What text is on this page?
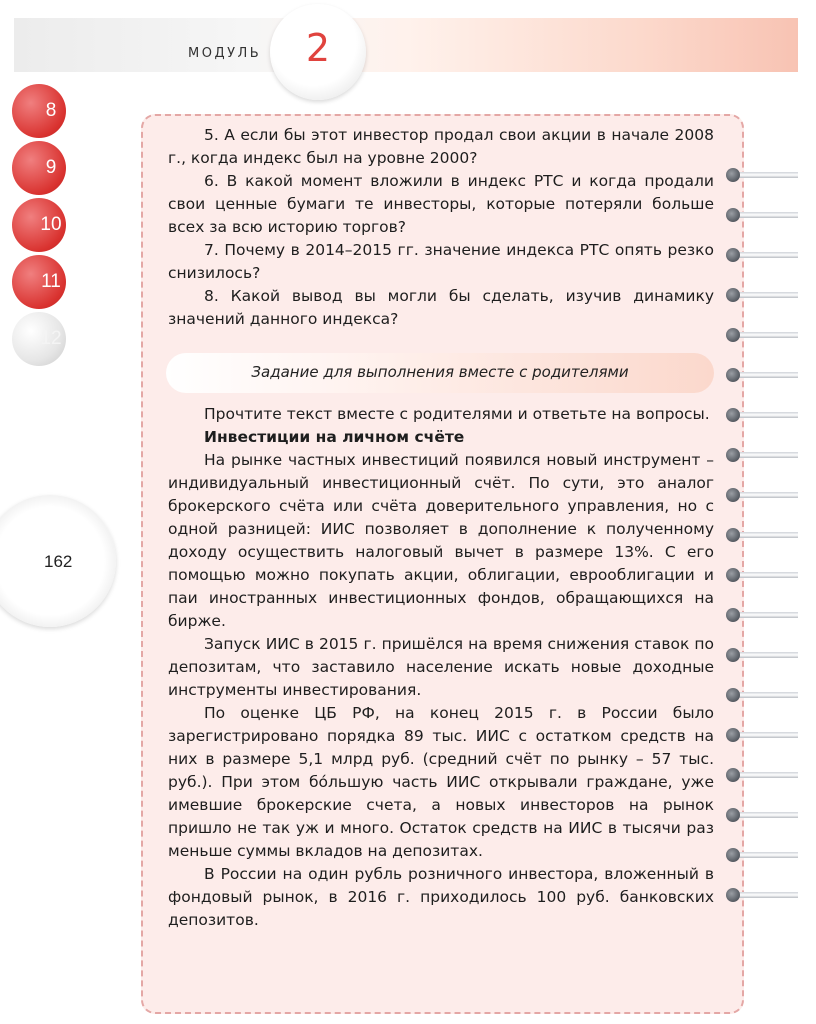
МОДУЛЬ	2
8
9
10
11
12
162

5. А если бы этот инвестор продал свои акции в начале 2008 г., когда индекс был на уровне 2000?

6. В какой момент вложили в индекс РТС и когда продали свои ценные бумаги те инвесторы, которые потеряли больше всех за всю историю торгов?

7. Почему в 2014–2015 гг. значение индекса РТС опять резко снизилось?

8. Какой вывод вы могли бы сделать, изучив динамику значений данного индекса?

Задание для выполнения вместе с родителями

Прочтите текст вместе с родителями и ответьте на вопросы.

Инвестиции на личном счёте

На рынке частных инвестиций появился новый инструмент – индивидуальный инвестиционный счёт. По сути, это аналог брокерского счёта или счёта доверительного управления, но с одной разницей: ИИС позволяет в дополнение к полученному доходу осуществить налоговый вычет в размере 13%. С его помощью можно покупать акции, облигации, еврооблигации и паи иностранных инвестиционных фондов, обращающихся на бирже.

Запуск ИИС в 2015 г. пришёлся на время снижения ставок по депозитам, что заставило население искать новые доходные инструменты инвестирования.

По оценке ЦБ РФ, на конец 2015 г. в России было зарегистрировано порядка 89 тыс. ИИС с остатком средств на них в размере 5,1 млрд руб. (средний счёт по рынку – 57 тыс. руб.). При этом бóльшую часть ИИС открывали граждане, уже имевшие брокерские счета, а новых инвесторов на рынок пришло не так уж и много. Остаток средств на ИИС в тысячи раз меньше суммы вкладов на депозитах.

В России на один рубль розничного инвестора, вложенный в фондовый рынок, в 2016 г. приходилось 100 руб. банковских депозитов.
